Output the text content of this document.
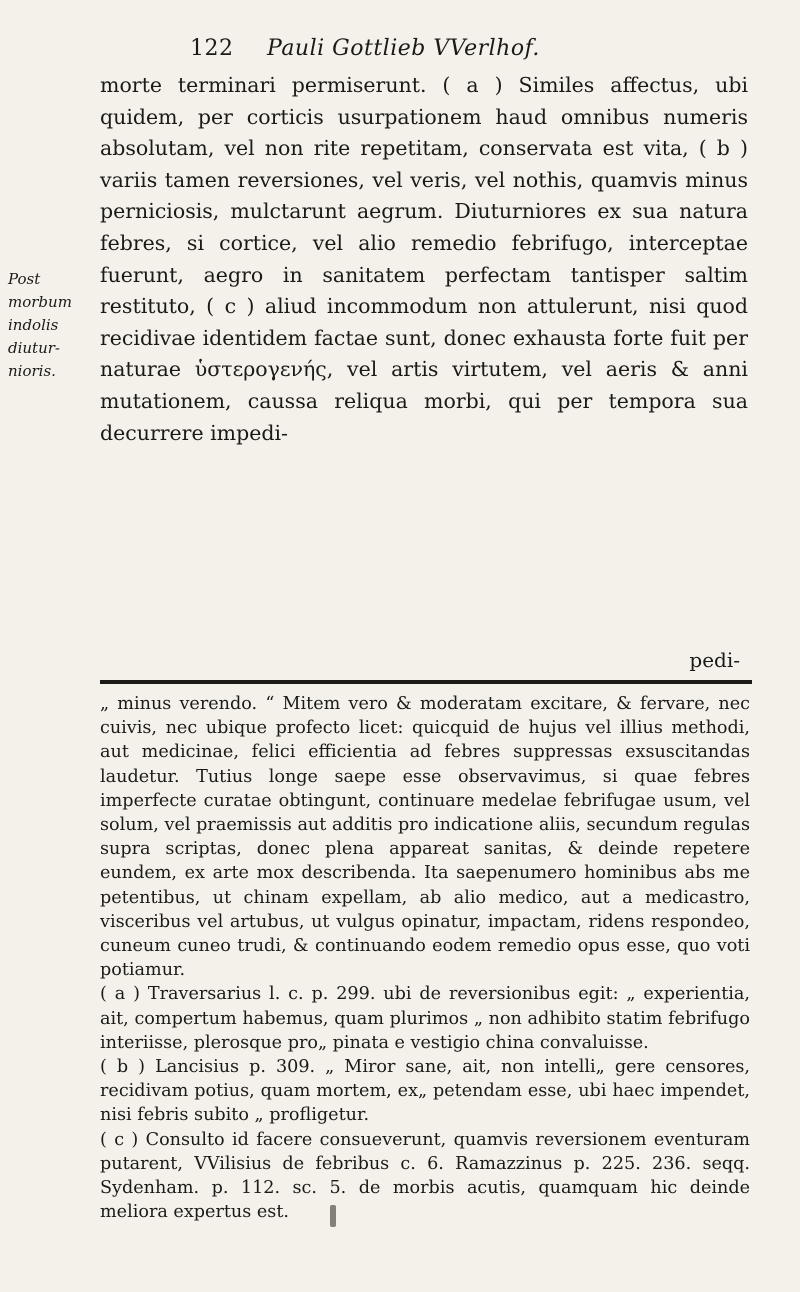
122 Pauli Gottlieb VVerlhof.
Post
morbum
indolis
diutur-
nioris.

morte terminari permiserunt. ( a ) Similes affectus, ubi quidem, per corticis usurpationem haud omnibus numeris absolutam, vel non rite repetitam, conservata est vita, ( b ) variis tamen reversiones, vel veris, vel nothis, quamvis minus perniciosis, mulctarunt aegrum. Diuturniores ex sua natura febres, si cortice, vel alio remedio febrifugo, interceptae fuerunt, aegro in sanitatem perfectam tantisper saltim restituto, ( c ) aliud incommodum non attulerunt, nisi quod recidivae identidem factae sunt, donec exhausta forte fuit per naturae ὑστερογενής, vel artis virtutem, vel aeris & anni mutationem, caussa reliqua morbi, qui per tempora sua decurrere impedi-

pedi-

„ minus verendo. “ Mitem vero & moderatam excitare, & fervare, nec cuivis, nec ubique profecto licet: quicquid de hujus vel illius methodi, aut medicinae, felici efficientia ad febres suppressas exsuscitandas laudetur. Tutius longe saepe esse observavimus, si quae febres imperfecte curatae obtingunt, continuare medelae febrifugae usum, vel solum, vel praemissis aut additis pro indicatione aliis, secundum regulas supra scriptas, donec plena appareat sanitas, & deinde repetere eundem, ex arte mox describenda. Ita saepenumero hominibus abs me petentibus, ut chinam expellam, ab alio medico, aut a medicastro, visceribus vel artubus, ut vulgus opinatur, impactam, ridens respondeo, cuneum cuneo trudi, & continuando eodem remedio opus esse, quo voti potiamur.

( a ) Traversarius l. c. p. 299. ubi de reversionibus egit: „ experientia, ait, compertum habemus, quam plurimos „ non adhibito statim febrifugo interiisse, plerosque pro„ pinata e vestigio china convaluisse.

( b ) Lancisius p. 309. „ Miror sane, ait, non intelli„ gere censores, recidivam potius, quam mortem, ex„ petendam esse, ubi haec impendet, nisi febris subito „ profligetur.

( c ) Consulto id facere consueverunt, quamvis reversionem eventuram putarent, VVilisius de febribus c. 6. Ramazzinus p. 225. 236. seqq. Sydenham. p. 112. sc. 5. de morbis acutis, quamquam hic deinde meliora expertus est.
